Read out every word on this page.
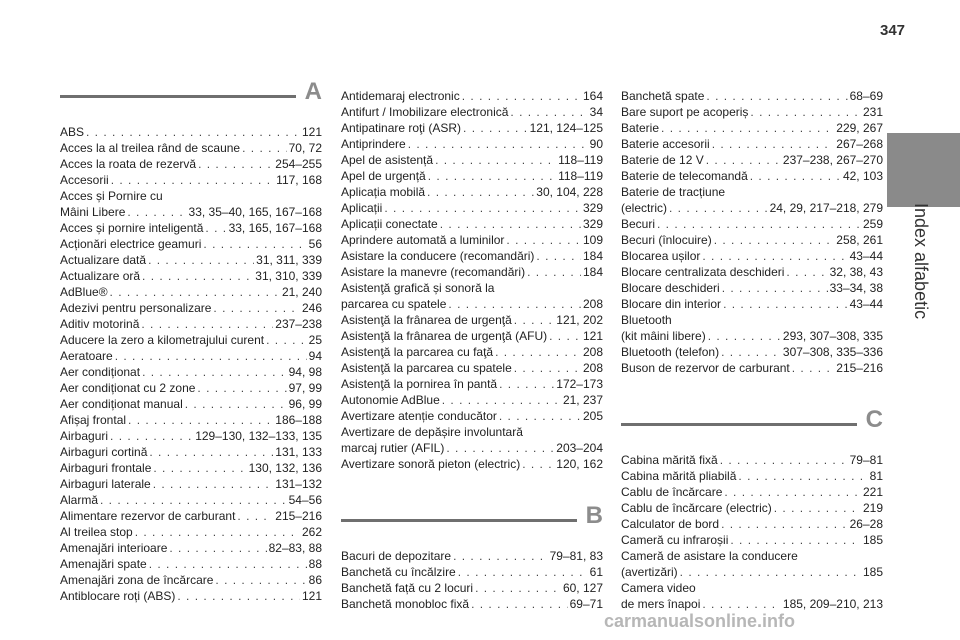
347
Index alfabetic
A
ABS . . .	121
Acces la al treilea rând de scaune . . .	70, 72
Acces la roata de rezervă . . .	254–255
Accesorii . . .	117, 168
Acces și Pornire cu
Mâini Libere . . .	33, 35–40, 165, 167–168
Acces și pornire inteligentă . . . 33, 165, 167–168
Acționări electrice geamuri . . .	56
Actualizare dată . . .	31, 311, 339
Actualizare oră . . .	31, 310, 339
AdBlue® . . .	21, 240
Adezivi pentru personalizare . . .	246
Aditiv motorină . . .	237–238
Aducere la zero a kilometrajului curent . . .	25
Aeratoare . . .	94
Aer condiționat . . .	94, 98
Aer condiționat cu 2 zone . . .	97, 99
Aer condiționat manual . . .	96, 99
Afișaj frontal . . .	186–188
Airbaguri . . .	129–130, 132–133, 135
Airbaguri cortină . . .	131, 133
Airbaguri frontale . . .	130, 132, 136
Airbaguri laterale . . .	131–132
Alarmă . . .	54–56
Alimentare rezervor de carburant . . .	215–216
Al treilea stop . . .	262
Amenajări interioare . . .	82–83, 88
Amenajări spate . . .	88
Amenajări zona de încărcare . . .	86
Antiblocare roți (ABS) . . .	121
Antidemaraj electronic . . .	164
Antifurt / Imobilizare electronică . . .	34
Antipatinare roţi (ASR) . . .	121, 124–125
Antiprindere . . .	90
Apel de asistență . . .	118–119
Apel de urgență . . .	118–119
Aplicația mobilă . . .	30, 104, 228
Aplicații . . .	329
Aplicații conectate . . .	329
Aprindere automată a luminilor . . .	109
Asistare la conducere (recomandări) . . .	184
Asistare la manevre (recomandări) . . .	184
Asistenţă grafică și sonoră la
parcarea cu spatele . . .	208
Asistenţă la frânarea de urgenţă . . .	121, 202
Asistenţă la frânarea de urgenţă (AFU) . . .	121
Asistenţă la parcarea cu faţă . . .	208
Asistenţă la parcarea cu spatele . . .	208
Asistenţă la pornirea în pantă . . .	172–173
Autonomie AdBlue . . .	21, 237
Avertizare atenție conducător . . .	205
Avertizare de depășire involuntară
marcaj rutier (AFIL) . . .	203–204
Avertizare sonoră pieton (electric) . . .	120, 162
B
Bacuri de depozitare . . .	79–81, 83
Banchetă cu încălzire . . .	61
Banchetă față cu 2 locuri . . .	60, 127
Banchetă monobloc fixă . . .	69–71
Banchetă spate . . .	68–69
Bare suport pe acoperiș . . .	231
Baterie . . .	229, 267
Baterie accesorii . . .	267–268
Baterie de 12 V . . .	237–238, 267–270
Baterie de telecomandă . . .	42, 103
Baterie de tracțiune
(electric) . . .	24, 29, 217–218, 279
Becuri . . .	259
Becuri (înlocuire) . . .	258, 261
Blocarea ușilor . . .	43–44
Blocare centralizata deschideri . . .	32, 38, 43
Blocare deschideri . . .	33–34, 38
Blocare din interior . . .	43–44
Bluetooth
(kit mâini libere) . . .	293, 307–308, 335
Bluetooth (telefon) . . .	307–308, 335–336
Buson de rezervor de carburant . . .	215–216
C
Cabina mărită fixă . . .	79–81
Cabina mărită pliabilă . . .	81
Cablu de încărcare . . .	221
Cablu de încărcare (electric) . . .	219
Calculator de bord . . .	26–28
Cameră cu infraroșii . . .	185
Cameră de asistare la conducere
(avertizări) . . .	185
Camera video
de mers înapoi . . .	185, 209–210, 213
carmanualsonline.info
